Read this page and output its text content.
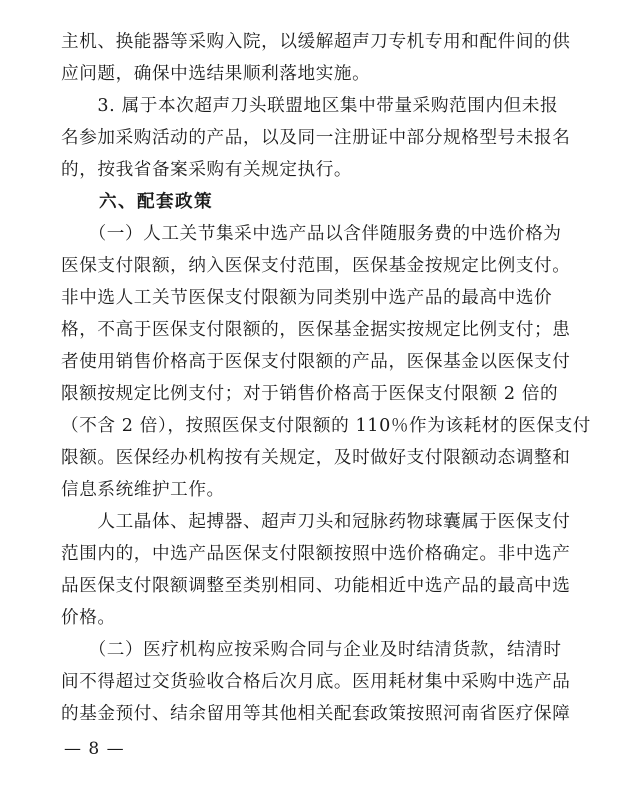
主机、换能器等采购入院，以缓解超声刀专机专用和配件间的供
应问题，确保中选结果顺利落地实施。
　　3. 属于本次超声刀头联盟地区集中带量采购范围内但未报
名参加采购活动的产品，以及同一注册证中部分规格型号未报名
的，按我省备案采购有关规定执行。
　　六、配套政策
　　（一）人工关节集采中选产品以含伴随服务费的中选价格为
医保支付限额，纳入医保支付范围，医保基金按规定比例支付。
非中选人工关节医保支付限额为同类别中选产品的最高中选价
格，不高于医保支付限额的，医保基金据实按规定比例支付；患
者使用销售价格高于医保支付限额的产品，医保基金以医保支付
限额按规定比例支付；对于销售价格高于医保支付限额 2 倍的
（不含 2 倍），按照医保支付限额的 110％作为该耗材的医保支付
限额。医保经办机构按有关规定，及时做好支付限额动态调整和
信息系统维护工作。
　　人工晶体、起搏器、超声刀头和冠脉药物球囊属于医保支付
范围内的，中选产品医保支付限额按照中选价格确定。非中选产
品医保支付限额调整至类别相同、功能相近中选产品的最高中选
价格。
　　（二）医疗机构应按采购合同与企业及时结清货款，结清时
间不得超过交货验收合格后次月底。医用耗材集中采购中选产品
的基金预付、结余留用等其他相关配套政策按照河南省医疗保障
— 8 —
